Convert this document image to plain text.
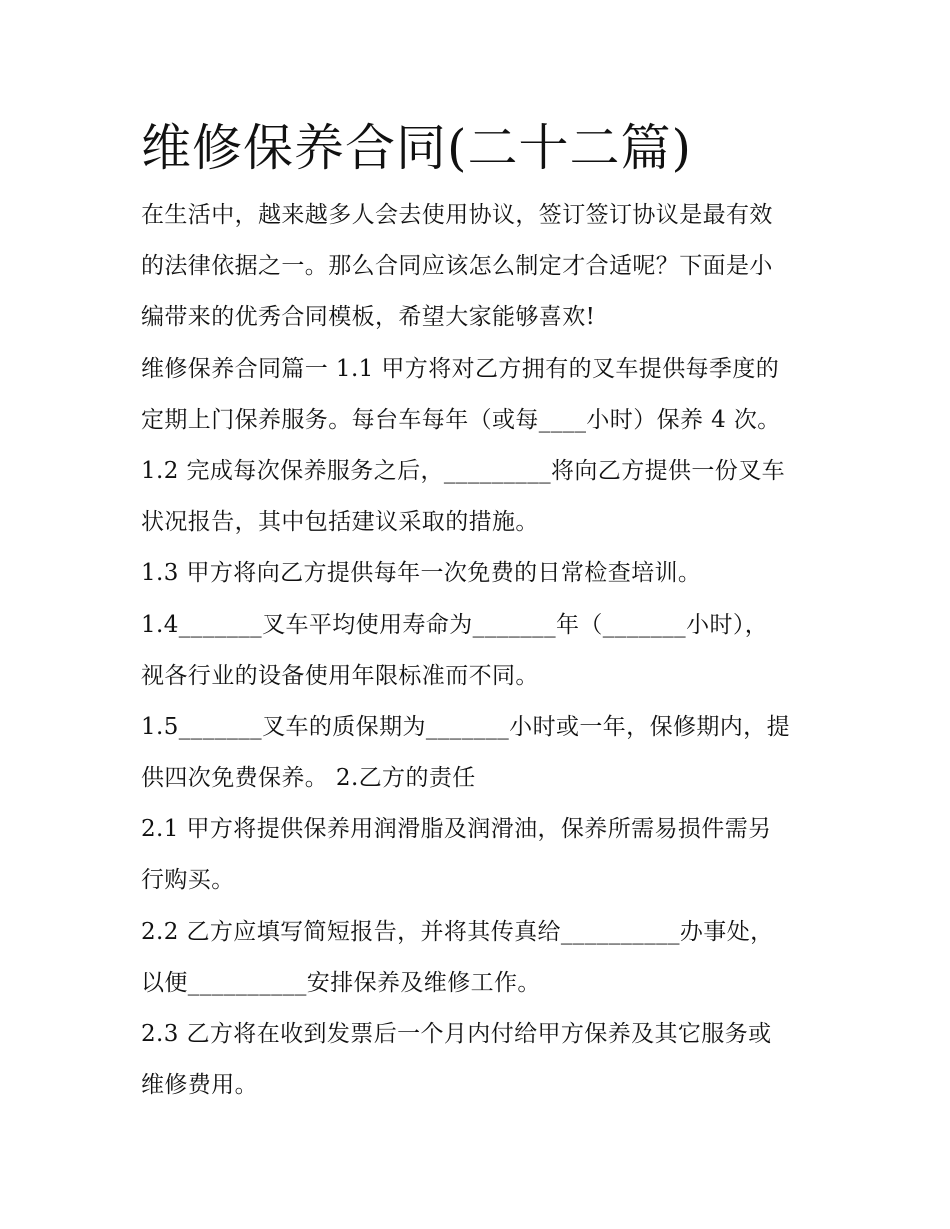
维修保养合同(二十二篇)
在生活中，越来越多人会去使用协议，签订签订协议是最有效
的法律依据之一。那么合同应该怎么制定才合适呢？下面是小
编带来的优秀合同模板，希望大家能够喜欢!
维修保养合同篇一 1.1 甲方将对乙方拥有的叉车提供每季度的
定期上门保养服务。每台车每年（或每____小时）保养 4 次。
1.2 完成每次保养服务之后，_________将向乙方提供一份叉车
状况报告，其中包括建议采取的措施。
1.3 甲方将向乙方提供每年一次免费的日常检查培训。
1.4_______叉车平均使用寿命为_______年（_______小时），
视各行业的设备使用年限标准而不同。
1.5_______叉车的质保期为_______小时或一年，保修期内，提
供四次免费保养。 2.乙方的责任
2.1 甲方将提供保养用润滑脂及润滑油，保养所需易损件需另
行购买。
2.2 乙方应填写简短报告，并将其传真给__________办事处，
以便__________安排保养及维修工作。
2.3 乙方将在收到发票后一个月内付给甲方保养及其它服务或
维修费用。
